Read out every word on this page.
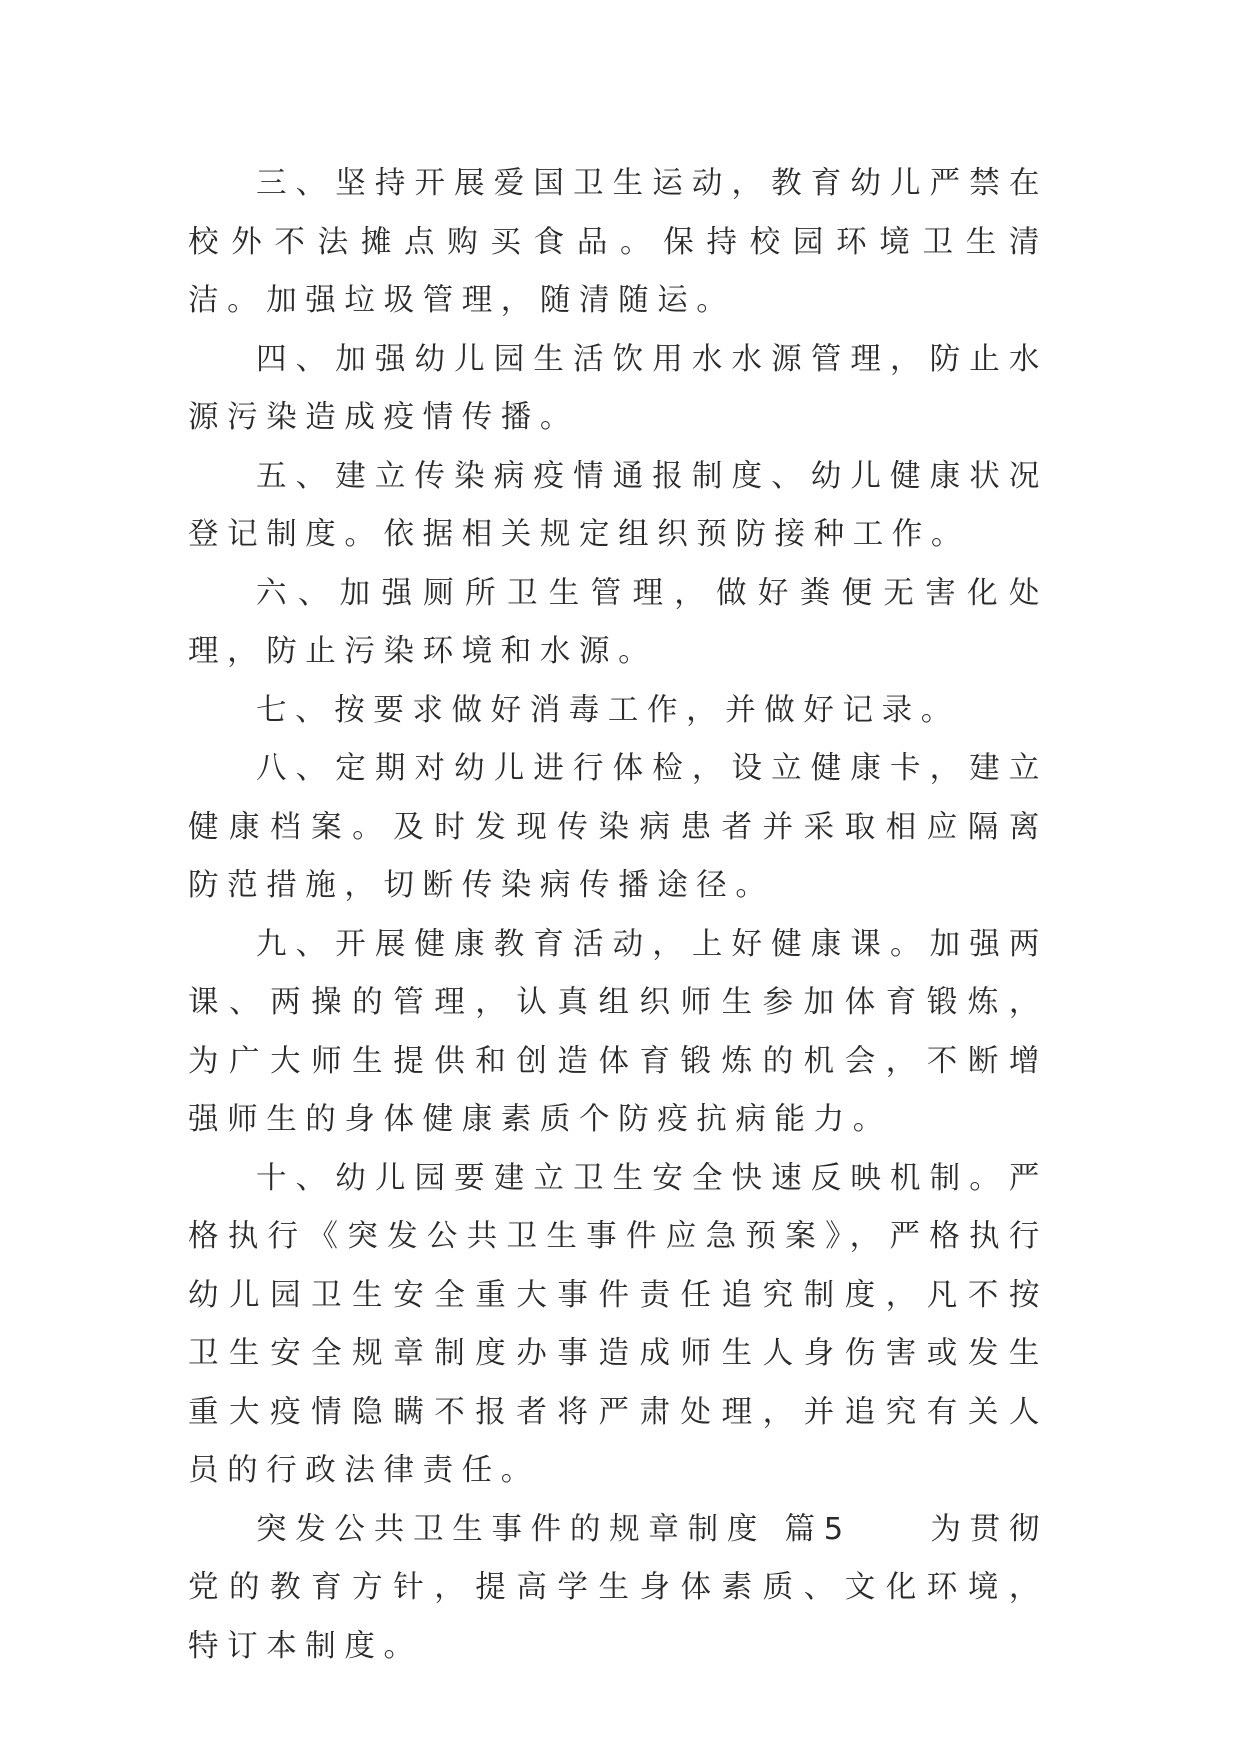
三、坚持开展爱国卫生运动，教育幼儿严禁在校外不法摊点购买食品。保持校园环境卫生清洁。加强垃圾管理，随清随运。

四、加强幼儿园生活饮用水水源管理，防止水源污染造成疫情传播。

五、建立传染病疫情通报制度、幼儿健康状况登记制度。依据相关规定组织预防接种工作。

六、加强厕所卫生管理，做好粪便无害化处理，防止污染环境和水源。

七、按要求做好消毒工作，并做好记录。

八、定期对幼儿进行体检，设立健康卡，建立健康档案。及时发现传染病患者并采取相应隔离防范措施，切断传染病传播途径。

九、开展健康教育活动，上好健康课。加强两课、两操的管理，认真组织师生参加体育锻炼，为广大师生提供和创造体育锻炼的机会，不断增强师生的身体健康素质个防疫抗病能力。

十、幼儿园要建立卫生安全快速反映机制。严格执行《突发公共卫生事件应急预案》，严格执行幼儿园卫生安全重大事件责任追究制度，凡不按卫生安全规章制度办事造成师生人身伤害或发生重大疫情隐瞒不报者将严肃处理，并追究有关人员的行政法律责任。

突发公共卫生事件的规章制度 篇5　　为贯彻党的教育方针，提高学生身体素质、文化环境，特订本制度。
